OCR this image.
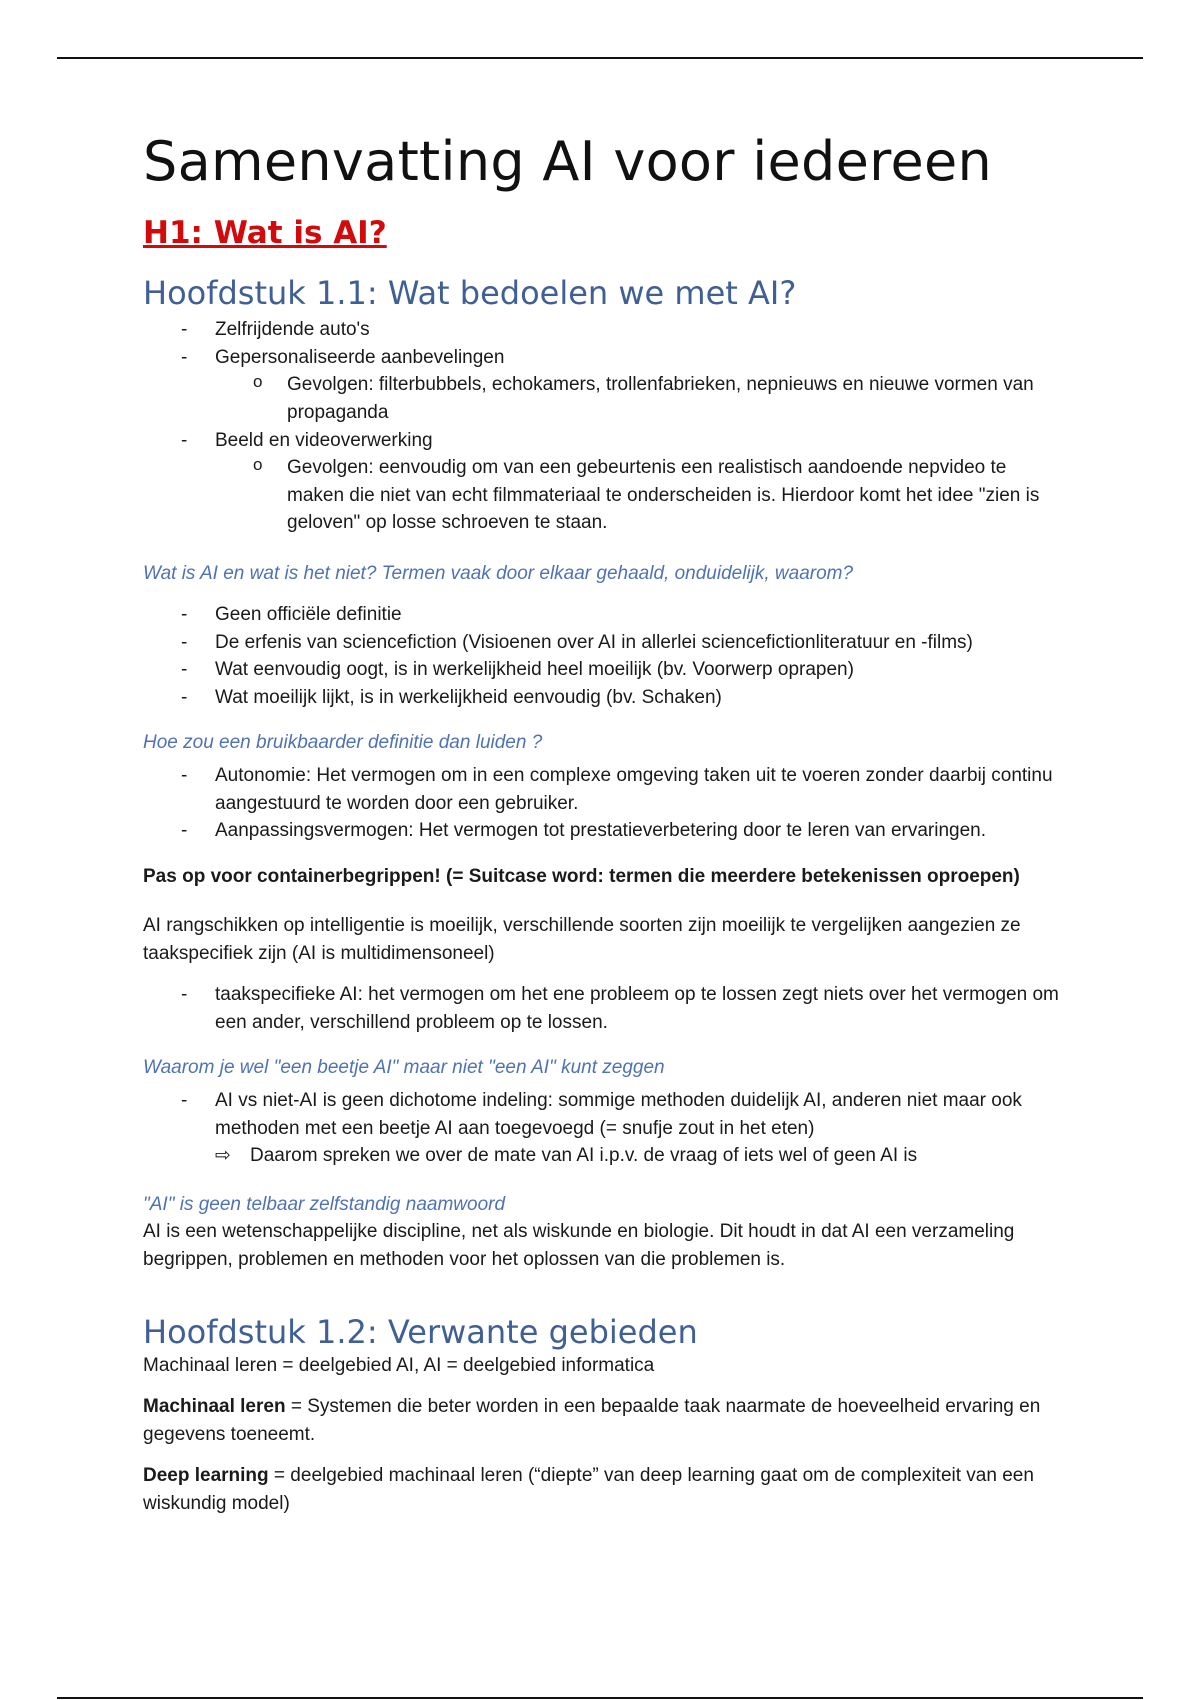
Samenvatting AI voor iedereen
H1: Wat is AI?
Hoofdstuk 1.1: Wat bedoelen we met AI?
- Zelfrijdende auto's
- Gepersonaliseerde aanbevelingen
o Gevolgen: filterbubbels, echokamers, trollenfabrieken, nepnieuws en nieuwe vormen van propaganda
- Beeld en videoverwerking
o Gevolgen: eenvoudig om van een gebeurtenis een realistisch aandoende nepvideo te maken die niet van echt filmmateriaal te onderscheiden is. Hierdoor komt het idee "zien is geloven" op losse schroeven te staan.
Wat is AI en wat is het niet? Termen vaak door elkaar gehaald, onduidelijk, waarom?
- Geen officiële definitie
- De erfenis van sciencefiction (Visioenen over AI in allerlei sciencefictionliteratuur en -films)
- Wat eenvoudig oogt, is in werkelijkheid heel moeilijk (bv. Voorwerp oprapen)
- Wat moeilijk lijkt, is in werkelijkheid eenvoudig (bv. Schaken)
Hoe zou een bruikbaarder definitie dan luiden ?
- Autonomie: Het vermogen om in een complexe omgeving taken uit te voeren zonder daarbij continu aangestuurd te worden door een gebruiker.
- Aanpassingsvermogen: Het vermogen tot prestatieverbetering door te leren van ervaringen.

Pas op voor containerbegrippen! (= Suitcase word: termen die meerdere betekenissen oproepen)

AI rangschikken op intelligentie is moeilijk, verschillende soorten zijn moeilijk te vergelijken aangezien ze taakspecifiek zijn (AI is multidimensoneel)

- taakspecifieke AI: het vermogen om het ene probleem op te lossen zegt niets over het vermogen om een ander, verschillend probleem op te lossen.
Waarom je wel "een beetje AI" maar niet "een AI" kunt zeggen
- AI vs niet-AI is geen dichotome indeling: sommige methoden duidelijk AI, anderen niet maar ook methoden met een beetje AI aan toegevoegd (= snufje zout in het eten)
⇨ Daarom spreken we over de mate van AI i.p.v. de vraag of iets wel of geen AI is
"AI" is geen telbaar zelfstandig naamwoord

AI is een wetenschappelijke discipline, net als wiskunde en biologie. Dit houdt in dat AI een verzameling begrippen, problemen en methoden voor het oplossen van die problemen is.

Hoofdstuk 1.2: Verwante gebieden

Machinaal leren = deelgebied AI, AI = deelgebied informatica

Machinaal leren = Systemen die beter worden in een bepaalde taak naarmate de hoeveelheid ervaring en gegevens toeneemt.

Deep learning = deelgebied machinaal leren (“diepte” van deep learning gaat om de complexiteit van een wiskundig model)
